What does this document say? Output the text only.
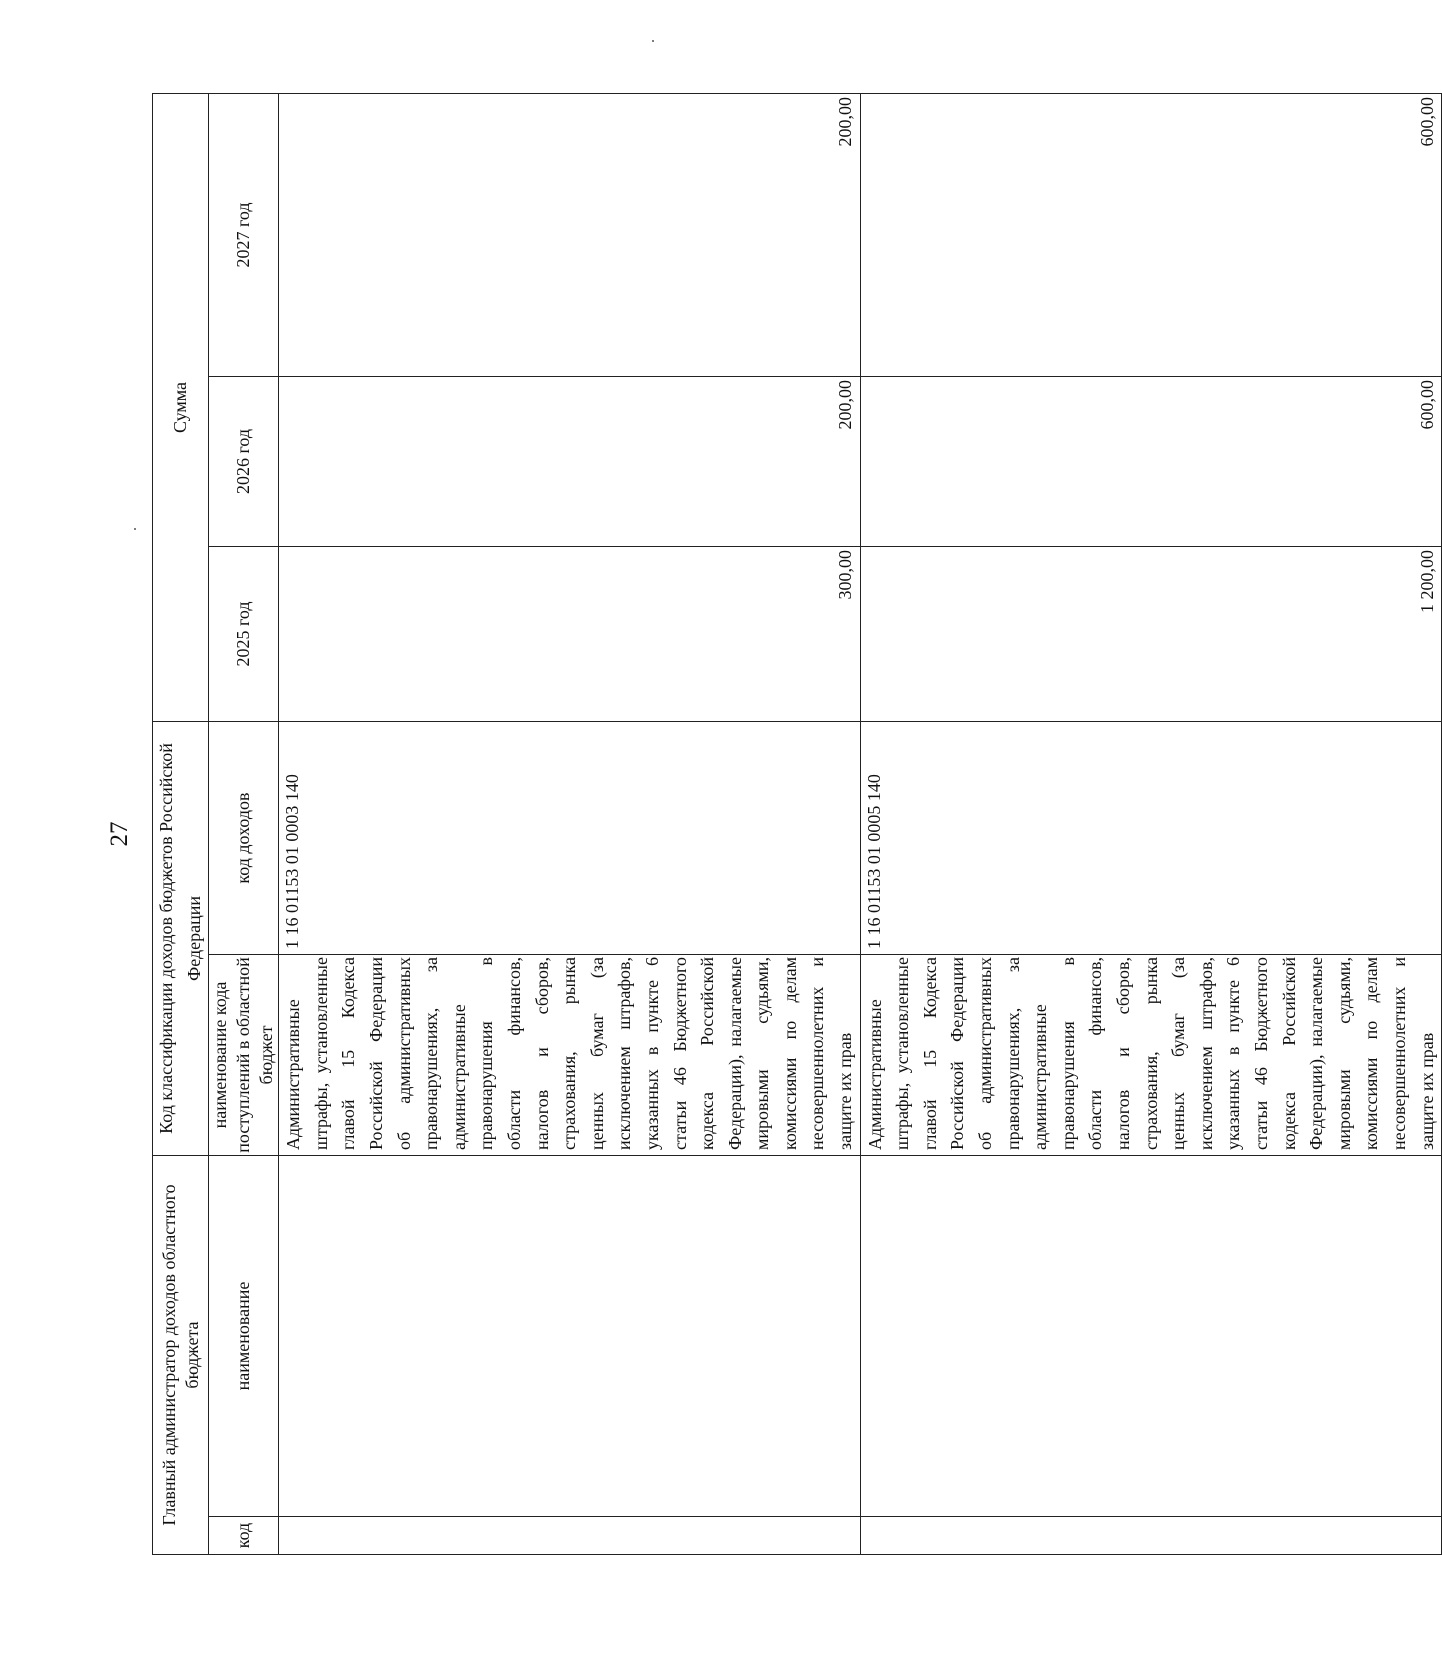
27
Главный администратор доходов областного бюджета		Код классификации доходов бюджетов Российской Федерации		Сумма		
код	наименование	наименование кода поступлений в областной бюджет	код доходов	2025 год	2026 год	2027 год
		Административные штрафы, установленные главой 15 Кодекса Российской Федерации об административных правонарушениях, за административные правонарушения в области финансов, налогов и сборов, страхования, рынка ценных бумаг (за исключением штрафов, указанных в пункте 6 статьи 46 Бюджетного кодекса Российской Федерации), налагаемые мировыми судьями, комиссиями по делам несовершеннолетних и защите их прав	1 16 01153 01 0003 140	300,00	200,00	200,00
		Административные штрафы, установленные главой 15 Кодекса Российской Федерации об административных правонарушениях, за административные правонарушения в области финансов, налогов и сборов, страхования, рынка ценных бумаг (за исключением штрафов, указанных в пункте 6 статьи 46 Бюджетного кодекса Российской Федерации), налагаемые мировыми судьями, комиссиями по делам несовершеннолетних и защите их прав	1 16 01153 01 0005 140	1 200,00	600,00	600,00
